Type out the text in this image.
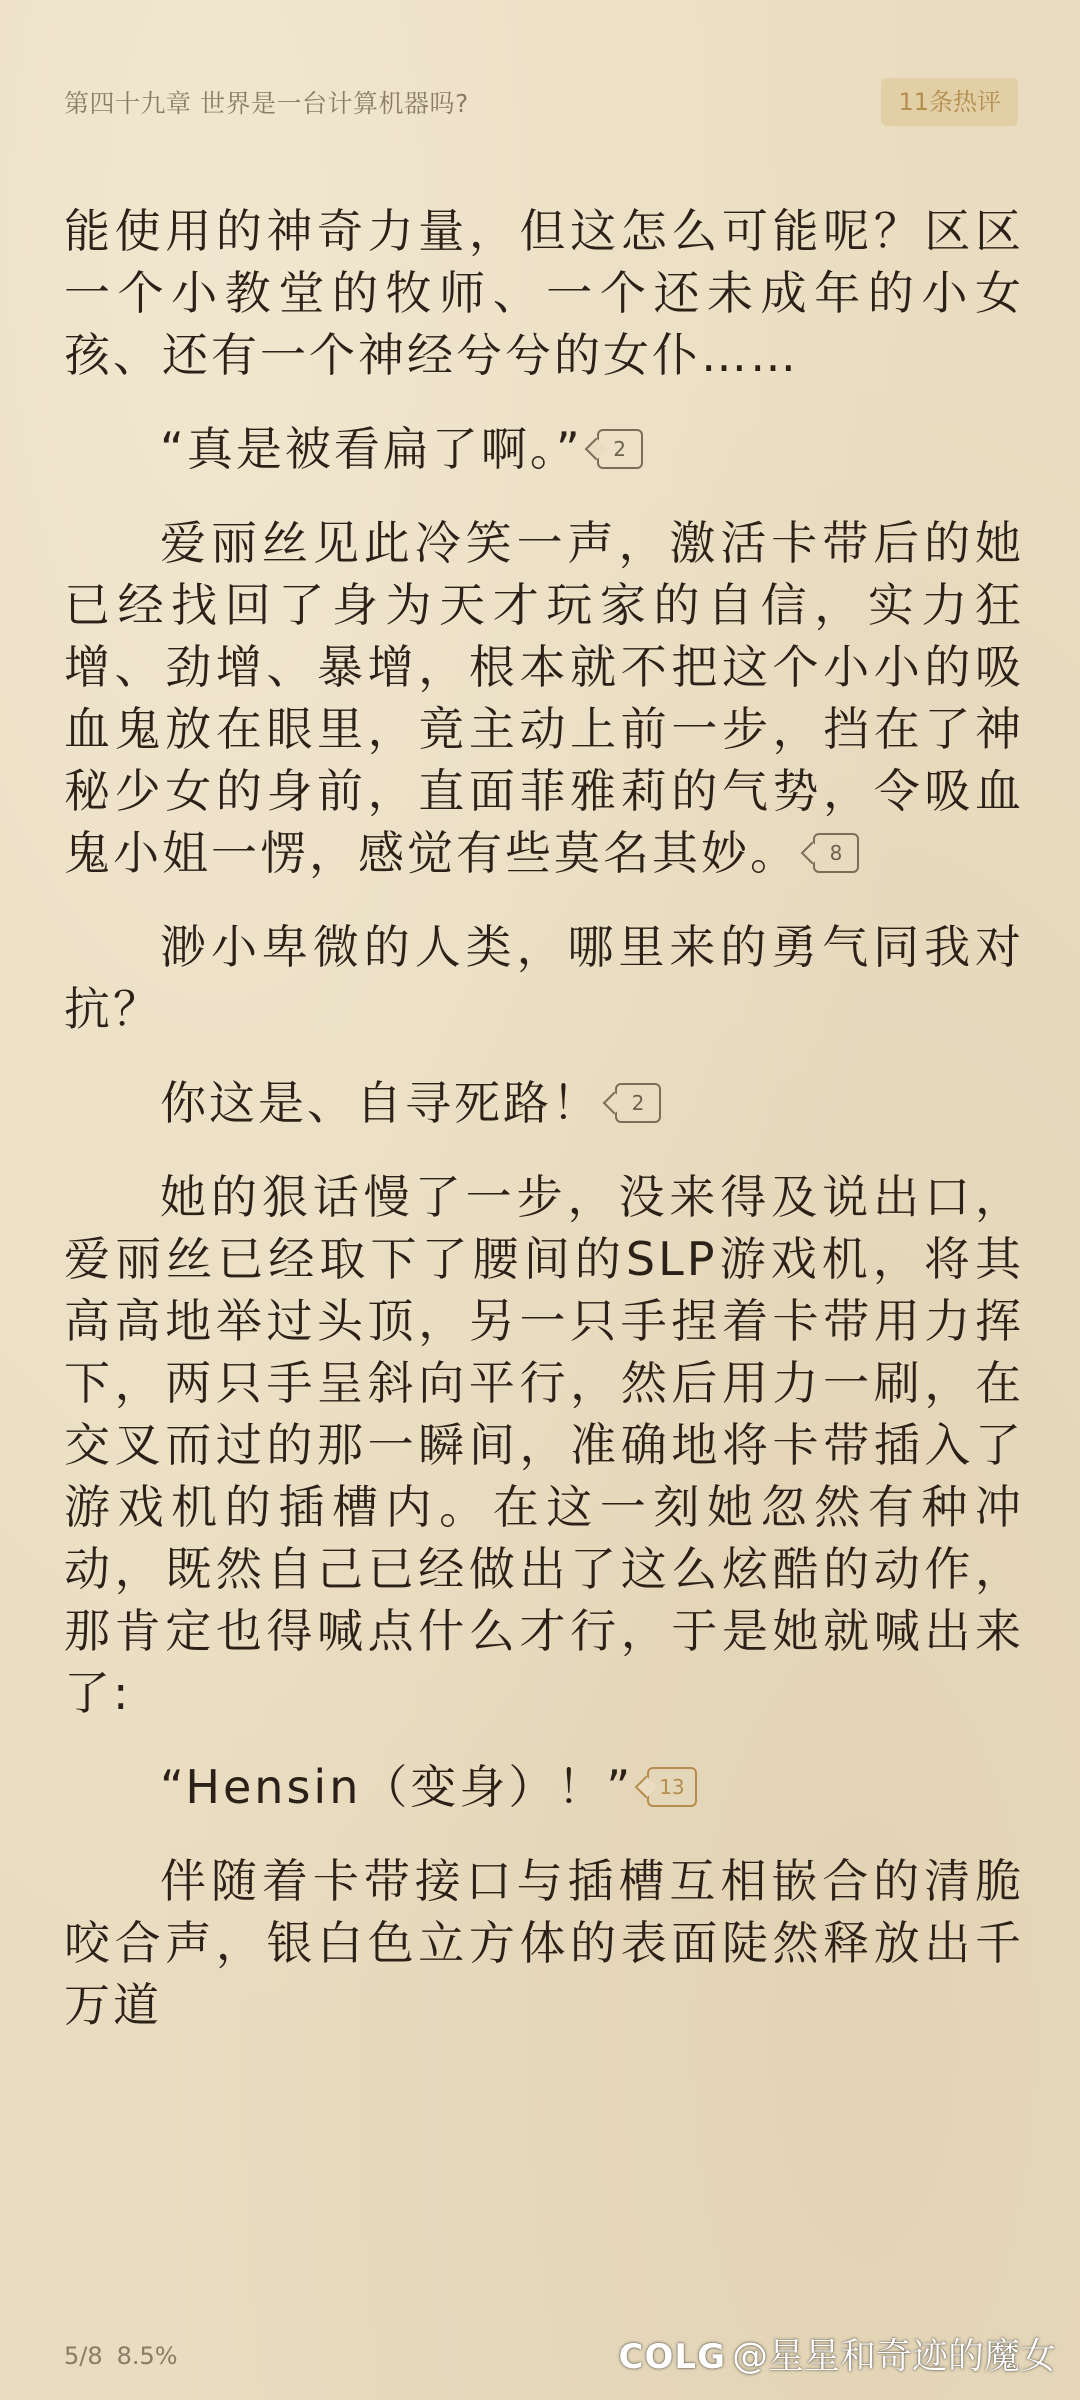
第四十九章 世界是一台计算机器吗?	11条热评

能使用的神奇力量，但这怎么可能呢？区区一个小教堂的牧师、一个还未成年的小女孩、还有一个神经兮兮的女仆……

“真是被看扁了啊。” 2

爱丽丝见此冷笑一声，激活卡带后的她已经找回了身为天才玩家的自信，实力狂增、劲增、暴增，根本就不把这个小小的吸血鬼放在眼里，竟主动上前一步，挡在了神秘少女的身前，直面菲雅莉的气势，令吸血鬼小姐一愣，感觉有些莫名其妙。 8

渺小卑微的人类，哪里来的勇气同我对抗？

你这是、自寻死路！ 2

她的狠话慢了一步，没来得及说出口，爱丽丝已经取下了腰间的SLP游戏机，将其高高地举过头顶，另一只手捏着卡带用力挥下，两只手呈斜向平行，然后用力一刷，在交叉而过的那一瞬间，准确地将卡带插入了游戏机的插槽内。在这一刻她忽然有种冲动，既然自己已经做出了这么炫酷的动作，那肯定也得喊点什么才行，于是她就喊出来了:

“Hensin（变身）！” 13

伴随着卡带接口与插槽互相嵌合的清脆咬合声，银白色立方体的表面陡然释放出千万道

5/8 8.5%	COLG @星星和奇迹的魔女
